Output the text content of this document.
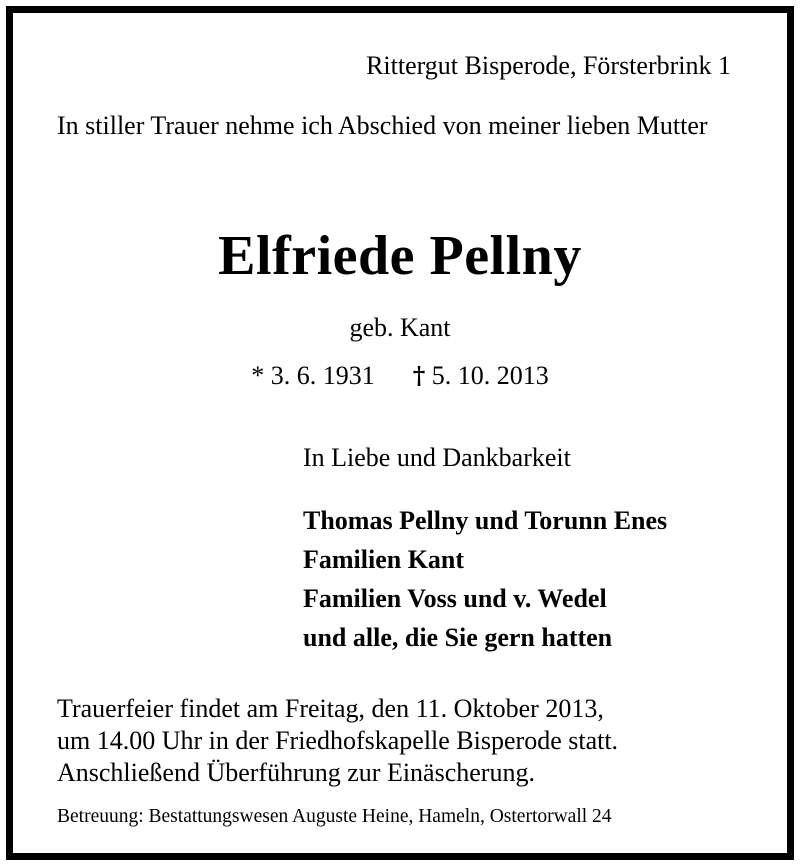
Rittergut Bisperode, Försterbrink 1
In stiller Trauer nehme ich Abschied von meiner lieben Mutter
Elfriede Pellny
geb. Kant
* 3. 6. 1931 † 5. 10. 2013
In Liebe und Dankbarkeit
Thomas Pellny und Torunn Enes
Familien Kant
Familien Voss und v. Wedel
und alle, die Sie gern hatten
Trauerfeier findet am Freitag, den 11. Oktober 2013,
um 14.00 Uhr in der Friedhofskapelle Bisperode statt.
Anschließend Überführung zur Einäscherung.
Betreuung: Bestattungswesen Auguste Heine, Hameln, Ostertorwall 24
